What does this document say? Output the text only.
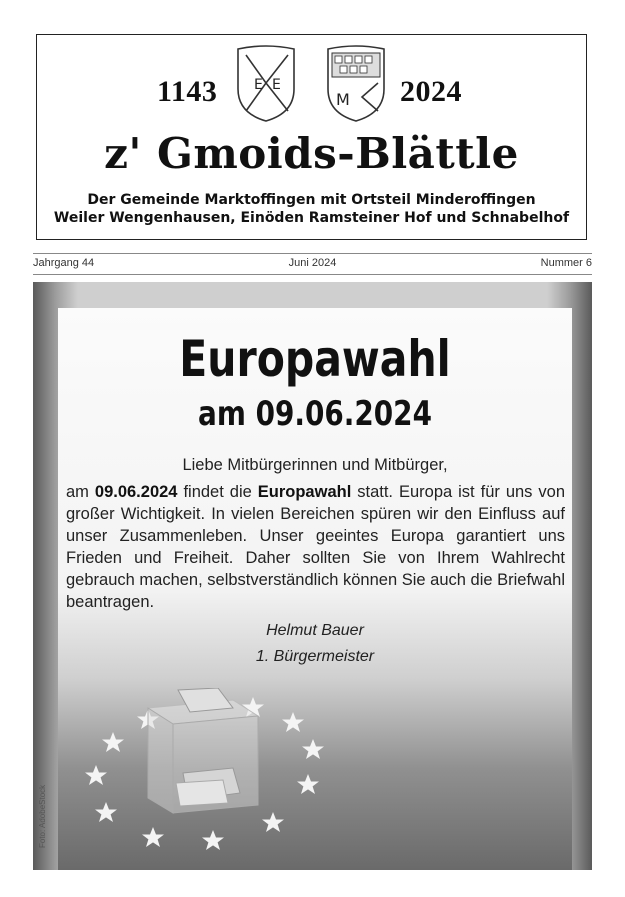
1143	E E
M 2024
z' Gmoids-Blättle
Der Gemeinde Marktoffingen mit Ortsteil Minderoffingen
Weiler Wengenhausen, Einöden Ramsteiner Hof und Schnabelhof
Jahrgang 44	Juni 2024	Nummer 6
Europawahl
am 09.06.2024
Liebe Mitbürgerinnen und Mitbürger,
am 09.06.2024 findet die Europawahl statt. Europa ist für uns von großer Wichtigkeit. In vielen Bereichen spüren wir den Einfluss auf unser Zusammenleben. Unser geeintes Europa garantiert uns Frieden und Freiheit. Daher sollten Sie von Ihrem Wahlrecht gebrauch machen, selbstverständlich können Sie auch die Briefwahl beantragen.
Helmut Bauer
1. Bürgermeister
Foto: AdobeStock
